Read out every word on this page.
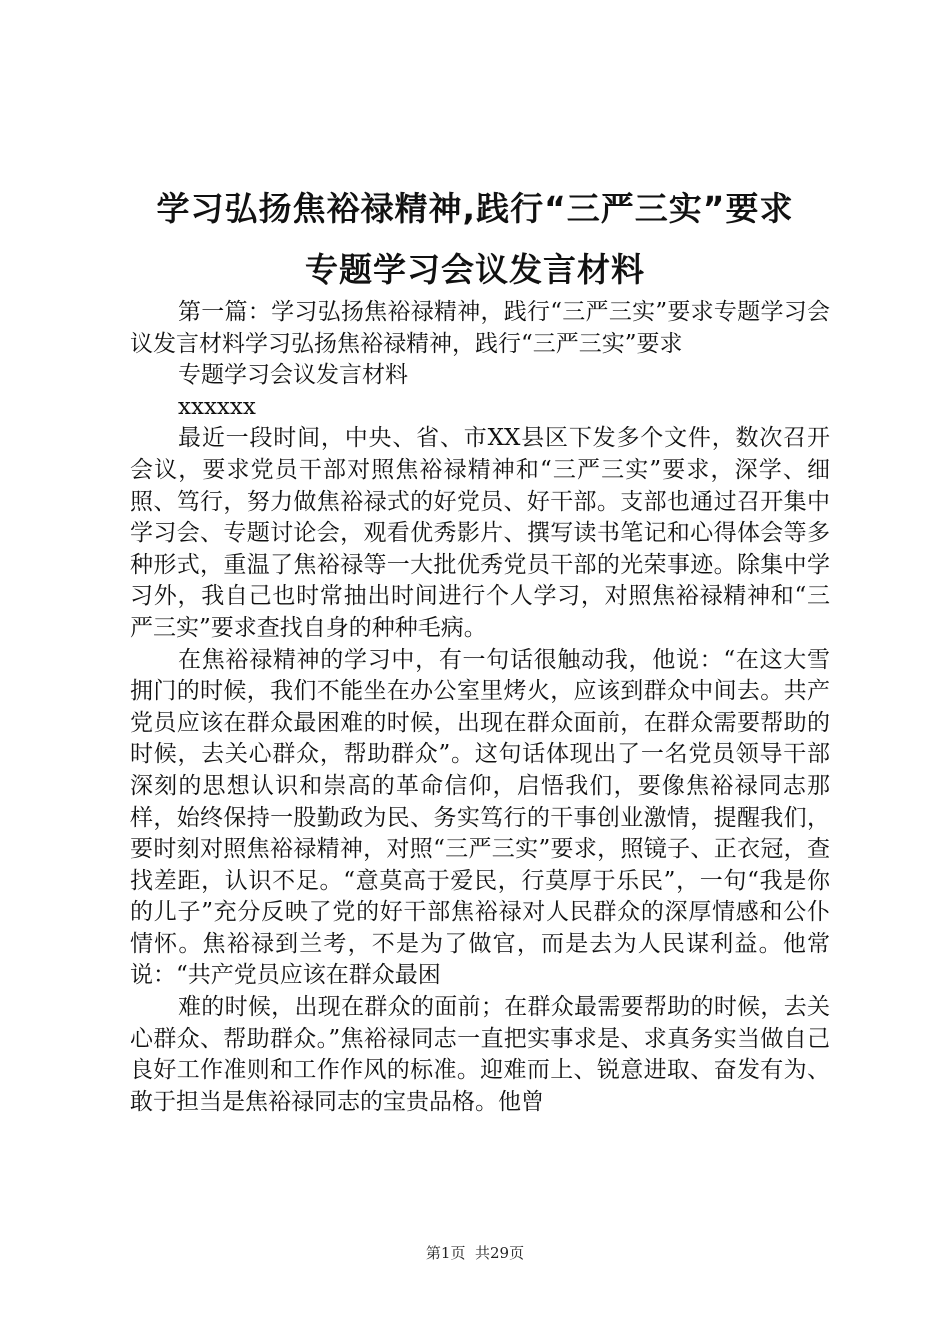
学习弘扬焦裕禄精神,践行“三严三实”要求
专题学习会议发言材料

第一篇：学习弘扬焦裕禄精神，践行“三严三实”要求专题学习会议发言材料学习弘扬焦裕禄精神，践行“三严三实”要求

专题学习会议发言材料

xxxxxx

最近一段时间，中央、省、市XX县区下发多个文件，数次召开会议，要求党员干部对照焦裕禄精神和“三严三实”要求，深学、细照、笃行，努力做焦裕禄式的好党员、好干部。支部也通过召开集中学习会、专题讨论会，观看优秀影片、撰写读书笔记和心得体会等多种形式，重温了焦裕禄等一大批优秀党员干部的光荣事迹。除集中学习外，我自己也时常抽出时间进行个人学习，对照焦裕禄精神和“三严三实”要求查找自身的种种毛病。

在焦裕禄精神的学习中，有一句话很触动我，他说：“在这大雪拥门的时候，我们不能坐在办公室里烤火，应该到群众中间去。共产党员应该在群众最困难的时候，出现在群众面前，在群众需要帮助的时候，去关心群众，帮助群众”。这句话体现出了一名党员领导干部深刻的思想认识和崇高的革命信仰，启悟我们，要像焦裕禄同志那样，始终保持一股勤政为民、务实笃行的干事创业激情，提醒我们，要时刻对照焦裕禄精神，对照“三严三实”要求，照镜子、正衣冠，查找差距，认识不足。“意莫高于爱民，行莫厚于乐民”，一句“我是你的儿子”充分反映了党的好干部焦裕禄对人民群众的深厚情感和公仆情怀。焦裕禄到兰考，不是为了做官，而是去为人民谋利益。他常说：“共产党员应该在群众最困

难的时候，出现在群众的面前；在群众最需要帮助的时候，去关心群众、帮助群众。”焦裕禄同志一直把实事求是、求真务实当做自己良好工作准则和工作作风的标准。迎难而上、锐意进取、奋发有为、敢于担当是焦裕禄同志的宝贵品格。他曾

第1页  共29页
